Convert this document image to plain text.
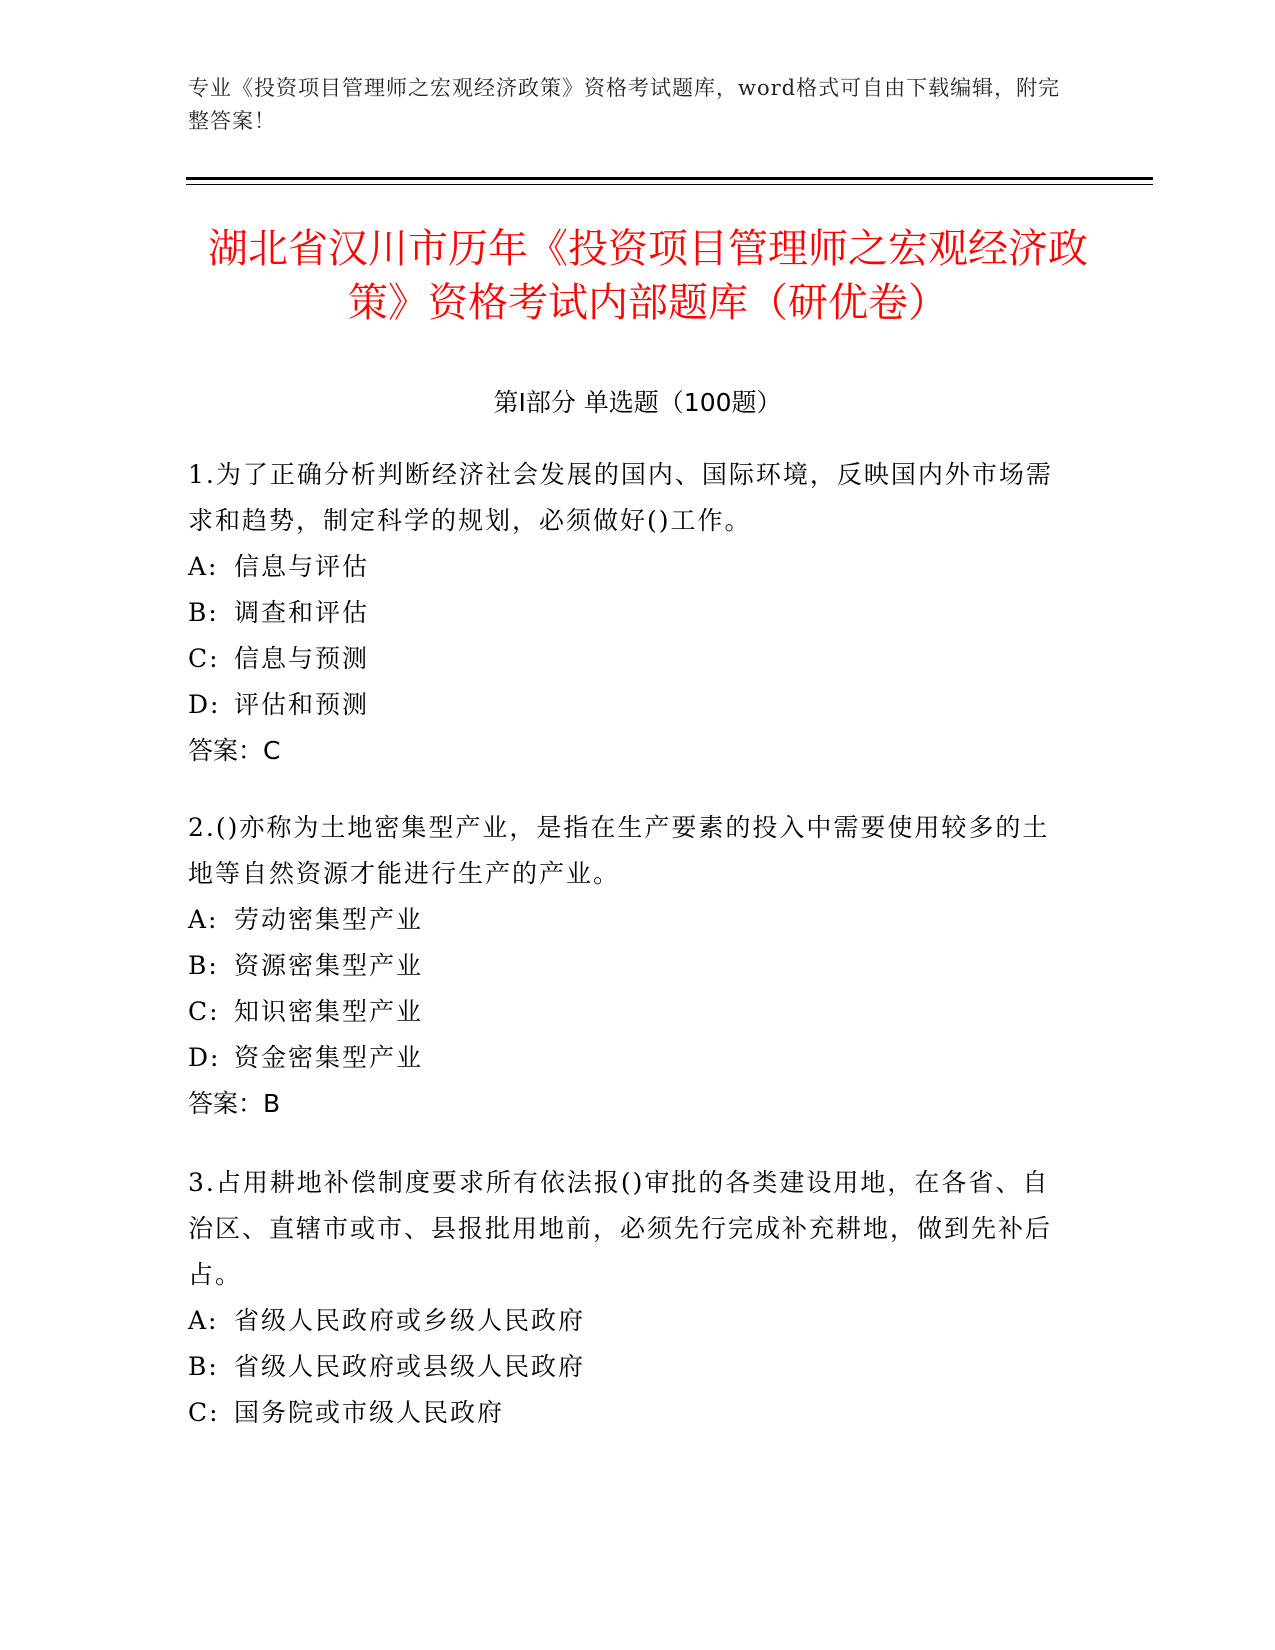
专业《投资项目管理师之宏观经济政策》资格考试题库，word格式可自由下载编辑，附完整答案！
湖北省汉川市历年《投资项目管理师之宏观经济政策》资格考试内部题库（研优卷）
第Ⅰ部分 单选题（100题）

1.为了正确分析判断经济社会发展的国内、国际环境，反映国内外市场需求和趋势，制定科学的规划，必须做好()工作。

A: 信息与评估

B: 调查和评估

C: 信息与预测

D: 评估和预测

答案：C

2.()亦称为土地密集型产业，是指在生产要素的投入中需要使用较多的土地等自然资源才能进行生产的产业。

A: 劳动密集型产业

B: 资源密集型产业

C: 知识密集型产业

D: 资金密集型产业

答案：B

3.占用耕地补偿制度要求所有依法报()审批的各类建设用地，在各省、自治区、直辖市或市、县报批用地前，必须先行完成补充耕地，做到先补后占。

A: 省级人民政府或乡级人民政府

B: 省级人民政府或县级人民政府

C: 国务院或市级人民政府
